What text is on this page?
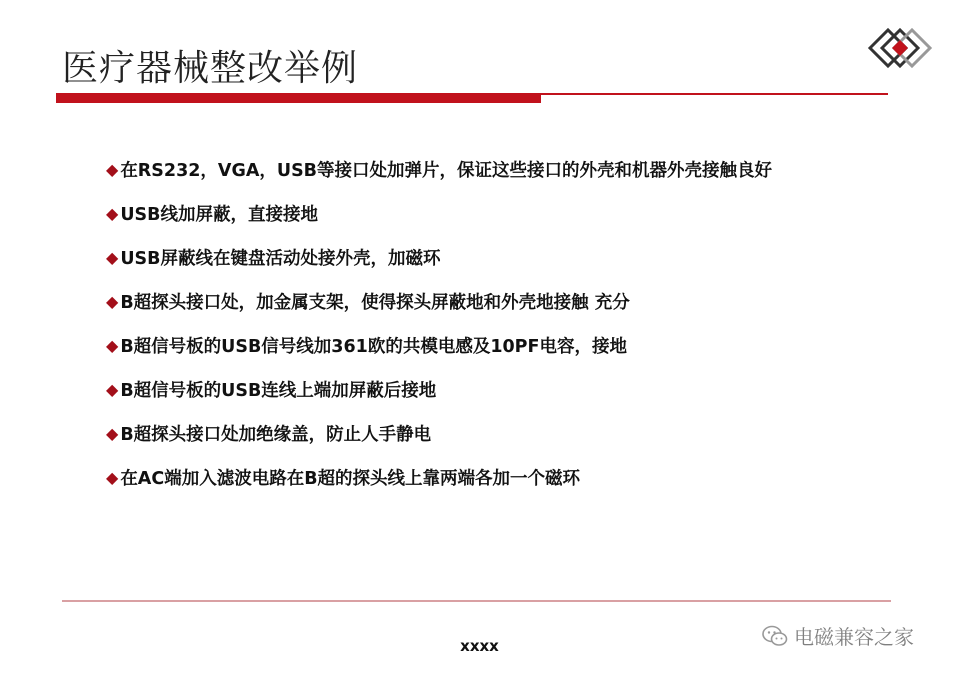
医疗器械整改举例
◆ 在RS232，VGA，USB等接口处加弹片，保证这些接口的外壳和机器外壳接触良好
◆ USB线加屏蔽，直接接地
◆ USB屏蔽线在键盘活动处接外壳，加磁环
◆ B超探头接口处，加金属支架，使得探头屏蔽地和外壳地接触 充分
◆ B超信号板的USB信号线加361欧的共模电感及10PF电容，接地
◆ B超信号板的USB连线上端加屏蔽后接地
◆ B超探头接口处加绝缘盖，防止人手静电
◆ 在AC端加入滤波电路在B超的探头线上靠两端各加一个磁环
xxxx	电磁兼容之家
